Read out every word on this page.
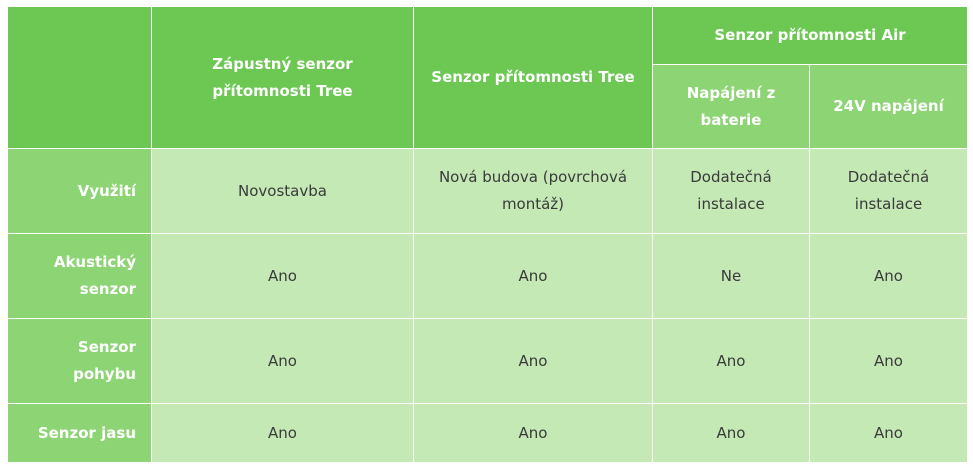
	Zápustný senzor přítomnosti Tree	Senzor přítomnosti Tree	Senzor přítomnosti Air	
			Napájení z baterie	24V napájení
Využití	Novostavba	Nová budova (povrchová montáž)	Dodatečná instalace	Dodatečná instalace
Akustický senzor	Ano	Ano	Ne	Ano
Senzor pohybu	Ano	Ano	Ano	Ano
Senzor jasu	Ano	Ano	Ano	Ano
